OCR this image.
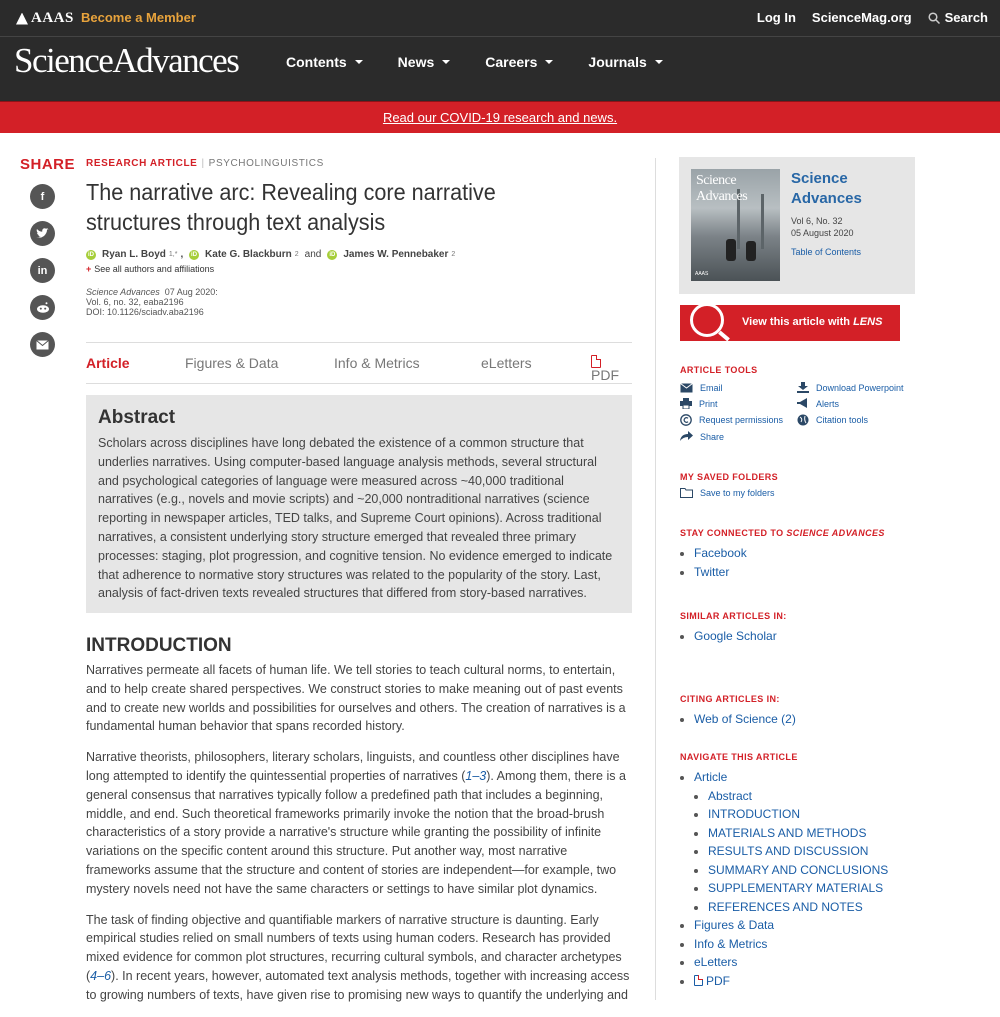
AAAS Become a Member	Log In ScienceMag.org	Search
ScienceAdvances	Contents	News	Careers	Journals
Read our COVID-19 research and news.
SHARE
f
in
RESEARCH ARTICLE | PSYCHOLINGUISTICS
The narrative arc: Revealing core narrative structures through text analysis
iD Ryan L. Boyd 1,* , iD Kate G. Blackburn 2 and	iD James W. Pennebaker 2
+ See all authors and affiliations
Science Advances 07 Aug 2020:
Vol. 6, no. 32, eaba2196
DOI: 10.1126/sciadv.aba2196
Article	Figures & Data	Info & Metrics	eLetters
PDF
Abstract

Scholars across disciplines have long debated the existence of a common structure that underlies narratives. Using computer-based language analysis methods, several structural and psychological categories of language were measured across ~40,000 traditional narratives (e.g., novels and movie scripts) and ~20,000 nontraditional narratives (science reporting in newspaper articles, TED talks, and Supreme Court opinions). Across traditional narratives, a consistent underlying story structure emerged that revealed three primary processes: staging, plot progression, and cognitive tension. No evidence emerged to indicate that adherence to normative story structures was related to the popularity of the story. Last, analysis of fact-driven texts revealed structures that differed from story-based narratives.

INTRODUCTION

Narratives permeate all facets of human life. We tell stories to teach cultural norms, to entertain, and to help create shared perspectives. We construct stories to make meaning out of past events and to create new worlds and possibilities for ourselves and others. The creation of narratives is a fundamental human behavior that spans recorded history.

Narrative theorists, philosophers, literary scholars, linguists, and countless other disciplines have long attempted to identify the quintessential properties of narratives (1–3). Among them, there is a general consensus that narratives typically follow a predefined path that includes a beginning, middle, and end. Such theoretical frameworks primarily invoke the notion that the broad-brush characteristics of a story provide a narrative's structure while granting the possibility of infinite variations on the specific content around this structure. Put another way, most narrative frameworks assume that the structure and content of stories are independent—for example, two mystery novels need not have the same characters or settings to have similar plot dynamics.

The task of finding objective and quantifiable markers of narrative structure is daunting. Early empirical studies relied on small numbers of texts using human coders. Research has provided mixed evidence for common plot structures, recurring cultural symbols, and character archetypes (4–6). In recent years, however, automated text analysis methods, together with increasing access to growing numbers of texts, have given rise to promising new ways to quantify the underlying and

Science Advances
AAAS
Science Advances
Vol 6, No. 32
05 August 2020
Table of Contents
View this article with LENS
ARTICLE TOOLS
Email	Download Powerpoint
Print	Alerts
Request permissions	Citation tools
Share
MY SAVED FOLDERS
Save to my folders
STAY CONNECTED TO SCIENCE ADVANCES
• Facebook
• Twitter
SIMILAR ARTICLES IN:
• Google Scholar
CITING ARTICLES IN:
• Web of Science (2)
NAVIGATE THIS ARTICLE
• Article
• Abstract
• INTRODUCTION
• MATERIALS AND METHODS
• RESULTS AND DISCUSSION
• SUMMARY AND CONCLUSIONS
• SUPPLEMENTARY MATERIALS
• REFERENCES AND NOTES
• Figures & Data
• Info & Metrics
• eLetters
• PDF
